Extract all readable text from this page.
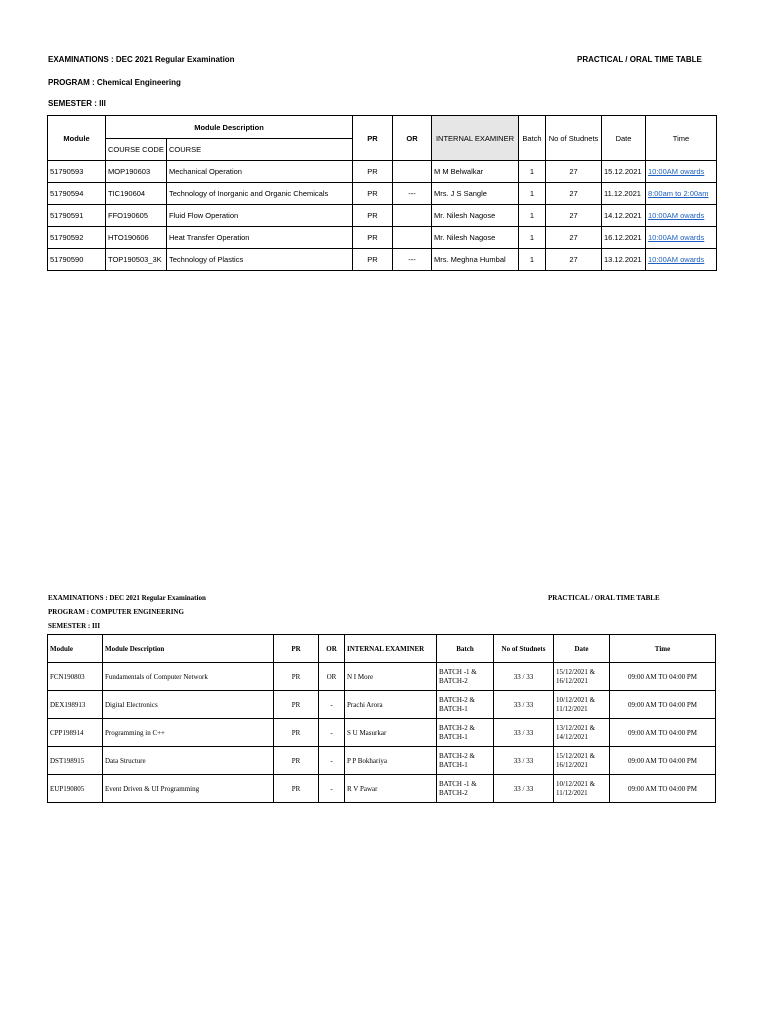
EXAMINATIONS : DEC 2021 Regular Examination	PRACTICAL / ORAL TIME TABLE
PROGRAM : Chemical Engineering
SEMESTER : III
Module	Module Description		PR	OR	INTERNAL EXAMINER	Batch	No of Studnets	Date	Time
	COURSE CODE	COURSE							
51790593	MOP190603	Mechanical Operation	PR		M M Belwalkar	1	27	15.12.2021	10:00AM owards
51790594	TIC190604	Technology of Inorganic and Organic Chemicals	PR	---	Mrs. J S Sangle	1	27	11.12.2021	8:00am to 2:00am
51790591	FFO190605	Fluid Flow Operation	PR		Mr. Nilesh Nagose	1	27	14.12.2021	10:00AM owards
51790592	HTO190606	Heat Transfer Operation	PR		Mr. Nilesh Nagose	1	27	16.12.2021	10:00AM owards
51790590	TOP190503_3K	Technology of Plastics	PR	---	Mrs. Meghna Humbal	1	27	13.12.2021	10:00AM owards
EXAMINATIONS : DEC 2021 Regular Examination	PRACTICAL / ORAL TIME TABLE
PROGRAM : COMPUTER ENGINEERING
SEMESTER : III
Module	Module Description	PR	OR	INTERNAL EXAMINER	Batch	No of Studnets	Date	Time
FCN190803	Fundamentals of Computer Network	PR	OR	N I More	BATCH -1 & BATCH-2	33 / 33	15/12/2021 & 16/12/2021	09:00 AM TO 04:00 PM
DEX198913	Digital Electronics	PR	-	Prachi Arora	BATCH-2 & BATCH-1	33 / 33	10/12/2021 & 11/12/2021	09:00 AM TO 04:00 PM
CPP198914	Programming in C++	PR	-	S U Masurkar	BATCH-2 & BATCH-1	33 / 33	13/12/2021 & 14/12/2021	09:00 AM TO 04:00 PM
DST198915	Data Structure	PR	-	P P Bokhariya	BATCH-2 & BATCH-1	33 / 33	15/12/2021 & 16/12/2021	09:00 AM TO 04:00 PM
EUP190805	Event Driven & UI Programming	PR	-	R V Pawar	BATCH -1 & BATCH-2	33 / 33	10/12/2021 & 11/12/2021	09:00 AM TO 04:00 PM
